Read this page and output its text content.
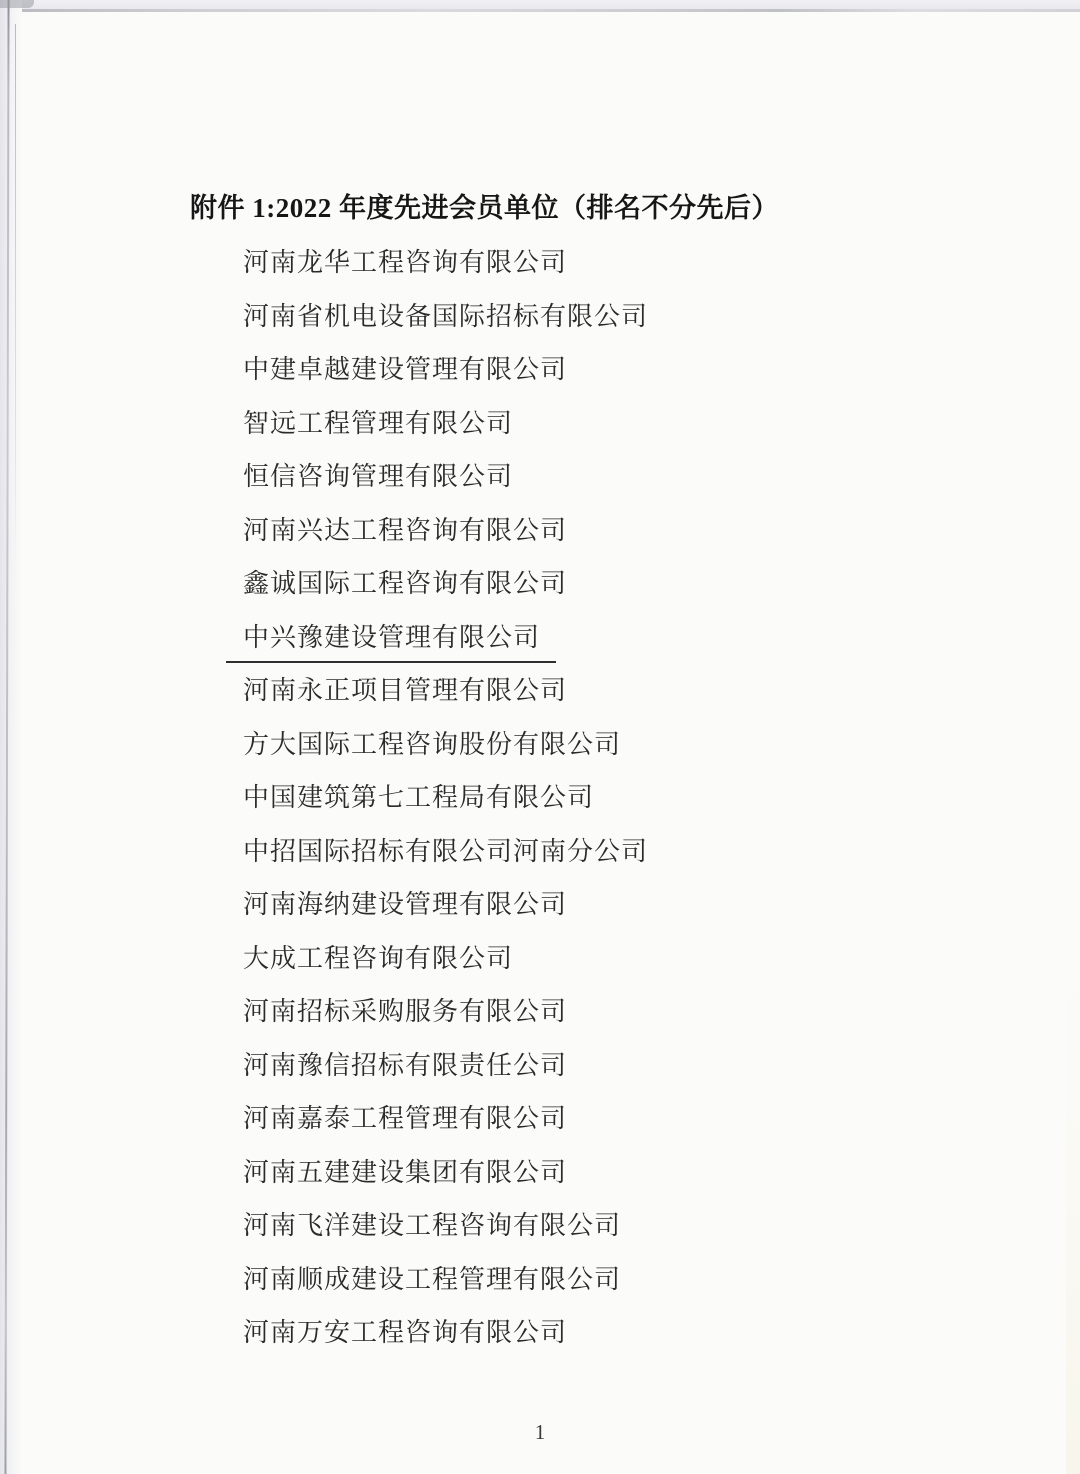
附件 1:2022 年度先进会员单位（排名不分先后）
河南龙华工程咨询有限公司
河南省机电设备国际招标有限公司
中建卓越建设管理有限公司
智远工程管理有限公司
恒信咨询管理有限公司
河南兴达工程咨询有限公司
鑫诚国际工程咨询有限公司
中兴豫建设管理有限公司
河南永正项目管理有限公司
方大国际工程咨询股份有限公司
中国建筑第七工程局有限公司
中招国际招标有限公司河南分公司
河南海纳建设管理有限公司
大成工程咨询有限公司
河南招标采购服务有限公司
河南豫信招标有限责任公司
河南嘉泰工程管理有限公司
河南五建建设集团有限公司
河南飞洋建设工程咨询有限公司
河南顺成建设工程管理有限公司
河南万安工程咨询有限公司
1
